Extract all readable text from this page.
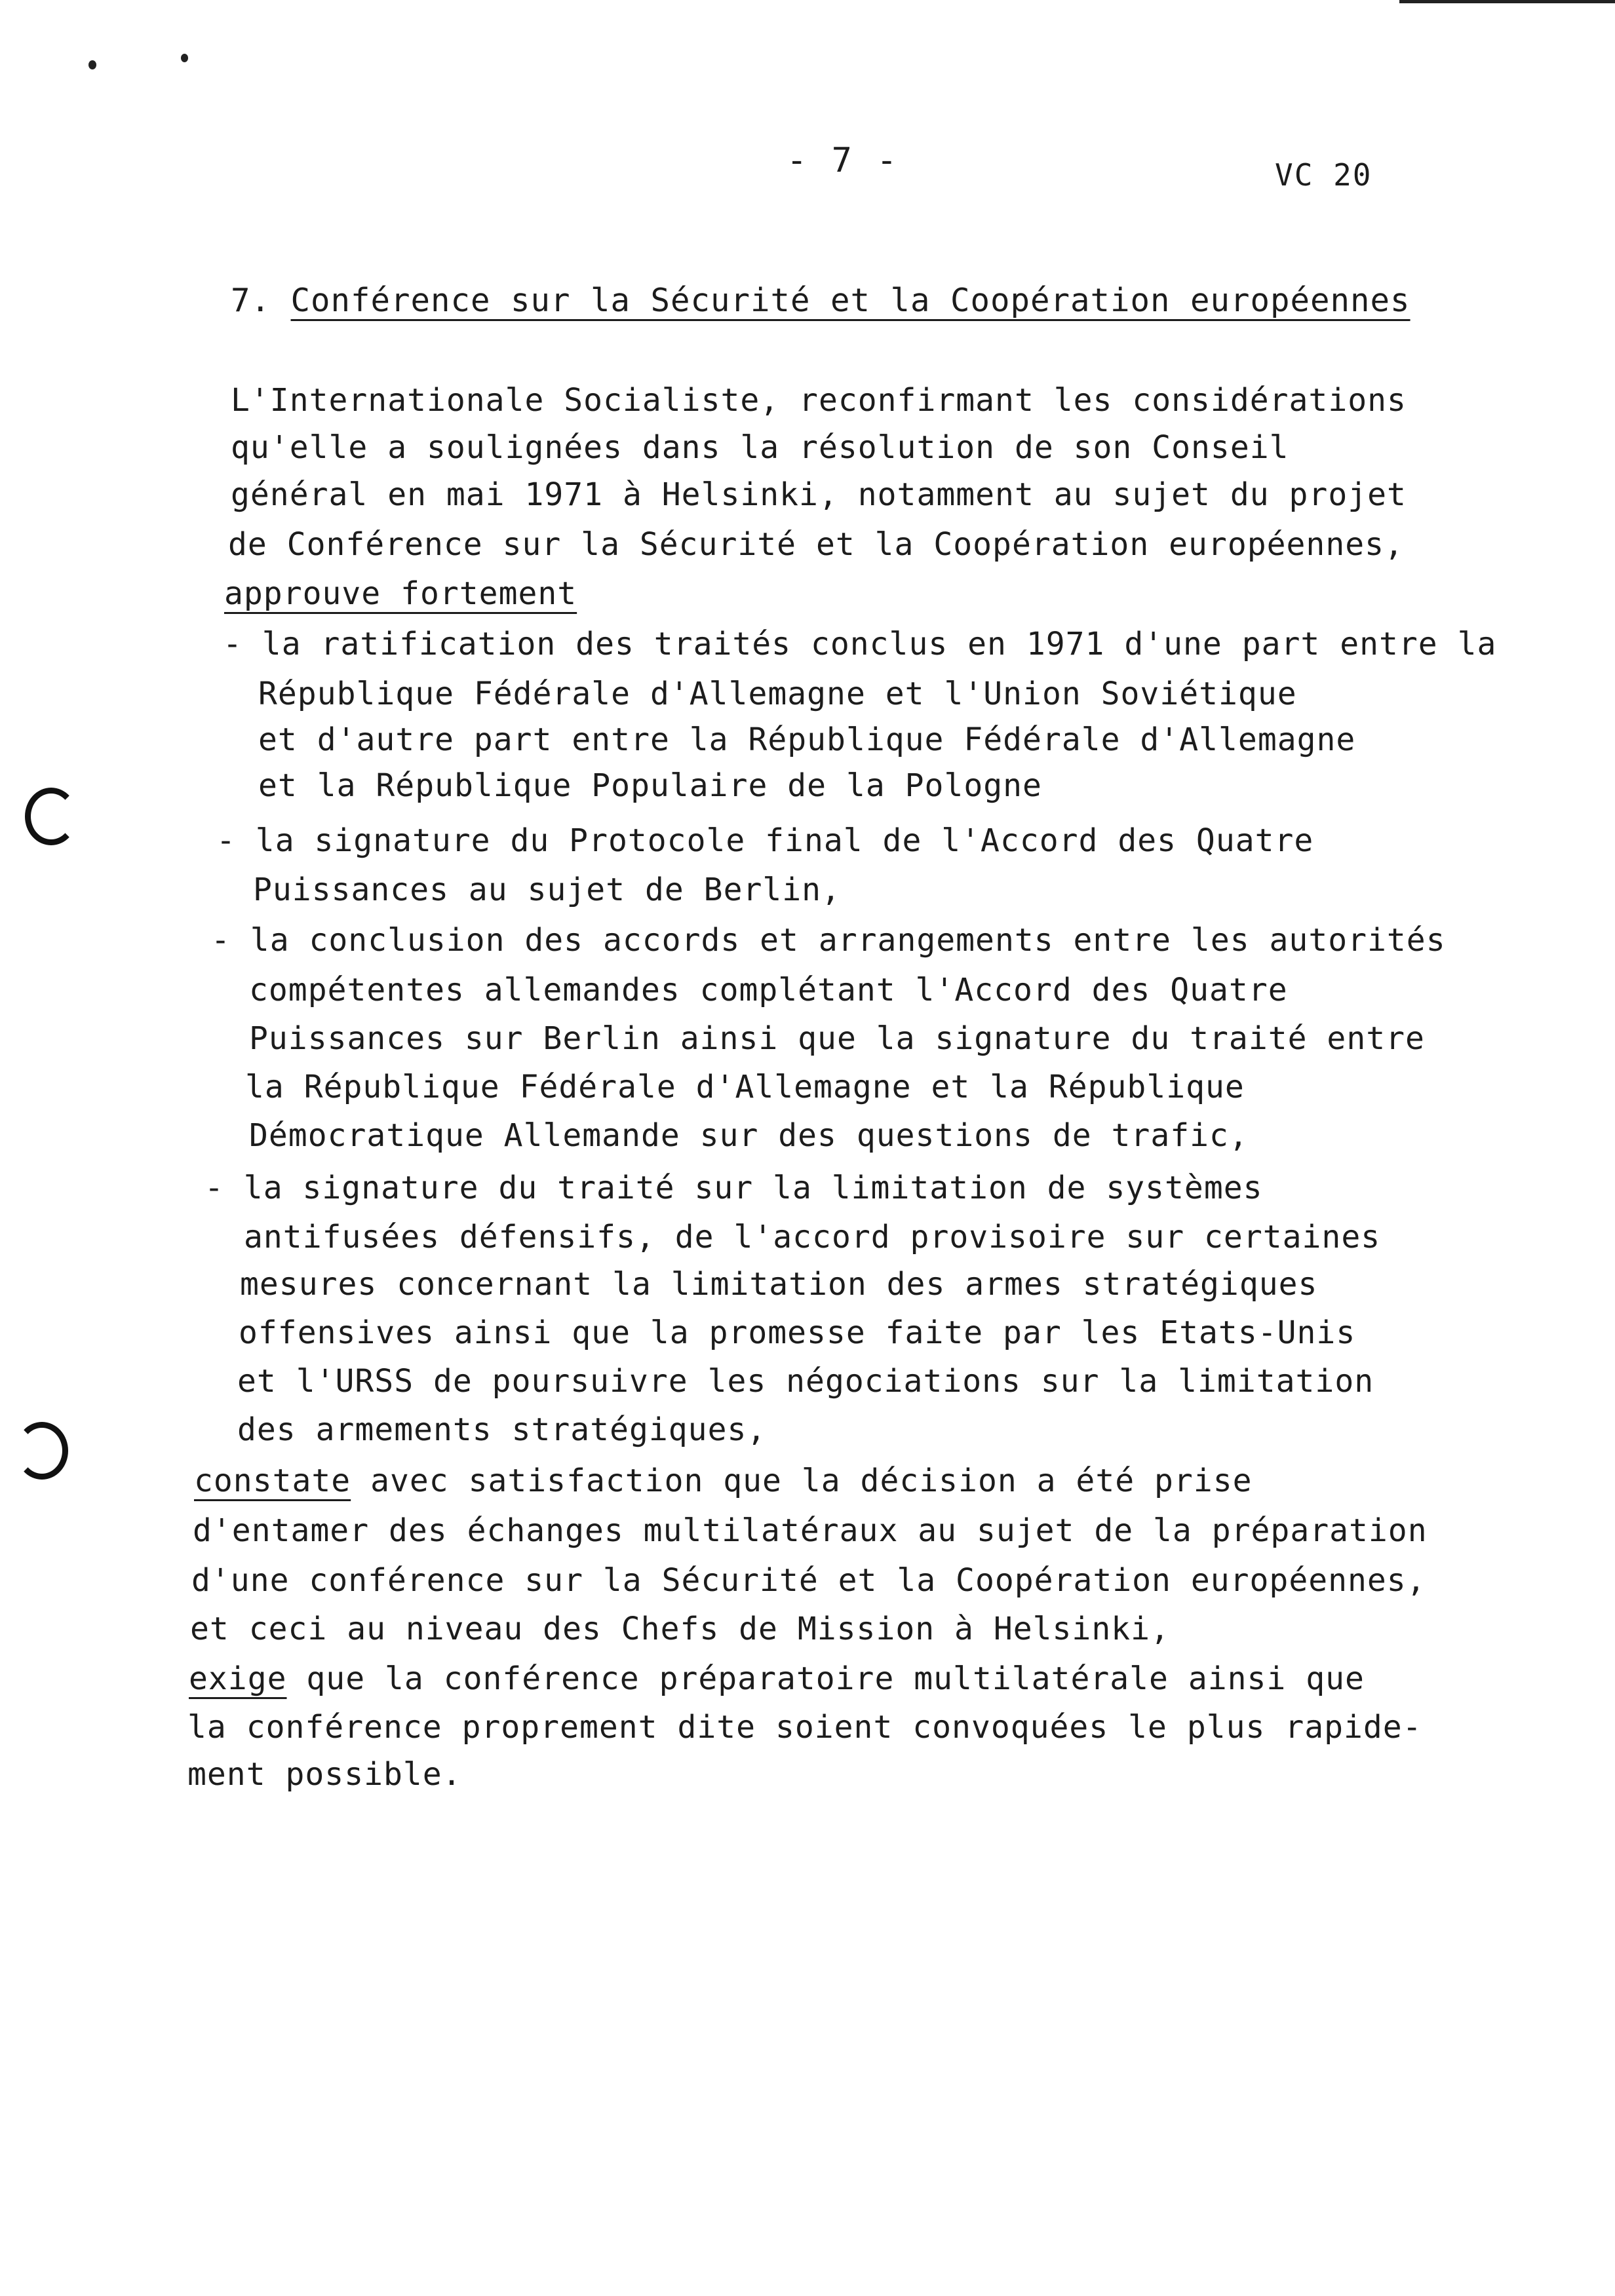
- 7 -	VC 20
7. Conférence sur la Sécurité et la Coopération européennes
L'Internationale Socialiste, reconfirmant les considérations
qu'elle a soulignées dans la résolution de son Conseil
général en mai 1971 à Helsinki, notamment au sujet du projet
de Conférence sur la Sécurité et la Coopération européennes,
approuve fortement
- la ratification des traités conclus en 1971 d'une part entre la
République Fédérale d'Allemagne et l'Union Soviétique
et d'autre part entre la République Fédérale d'Allemagne
et la République Populaire de la Pologne
- la signature du Protocole final de l'Accord des Quatre
Puissances au sujet de Berlin,
- la conclusion des accords et arrangements entre les autorités
compétentes allemandes complétant l'Accord des Quatre
Puissances sur Berlin ainsi que la signature du traité entre
la République Fédérale d'Allemagne et la République
Démocratique Allemande sur des questions de trafic,
- la signature du traité sur la limitation de systèmes
antifusées défensifs, de l'accord provisoire sur certaines
mesures concernant la limitation des armes stratégiques
offensives ainsi que la promesse faite par les Etats-Unis
et l'URSS de poursuivre les négociations sur la limitation
des armements stratégiques,
constate avec satisfaction que la décision a été prise
d'entamer des échanges multilatéraux au sujet de la préparation
d'une conférence sur la Sécurité et la Coopération européennes,
et ceci au niveau des Chefs de Mission à Helsinki,
exige que la conférence préparatoire multilatérale ainsi que
la conférence proprement dite soient convoquées le plus rapide-
ment possible.
